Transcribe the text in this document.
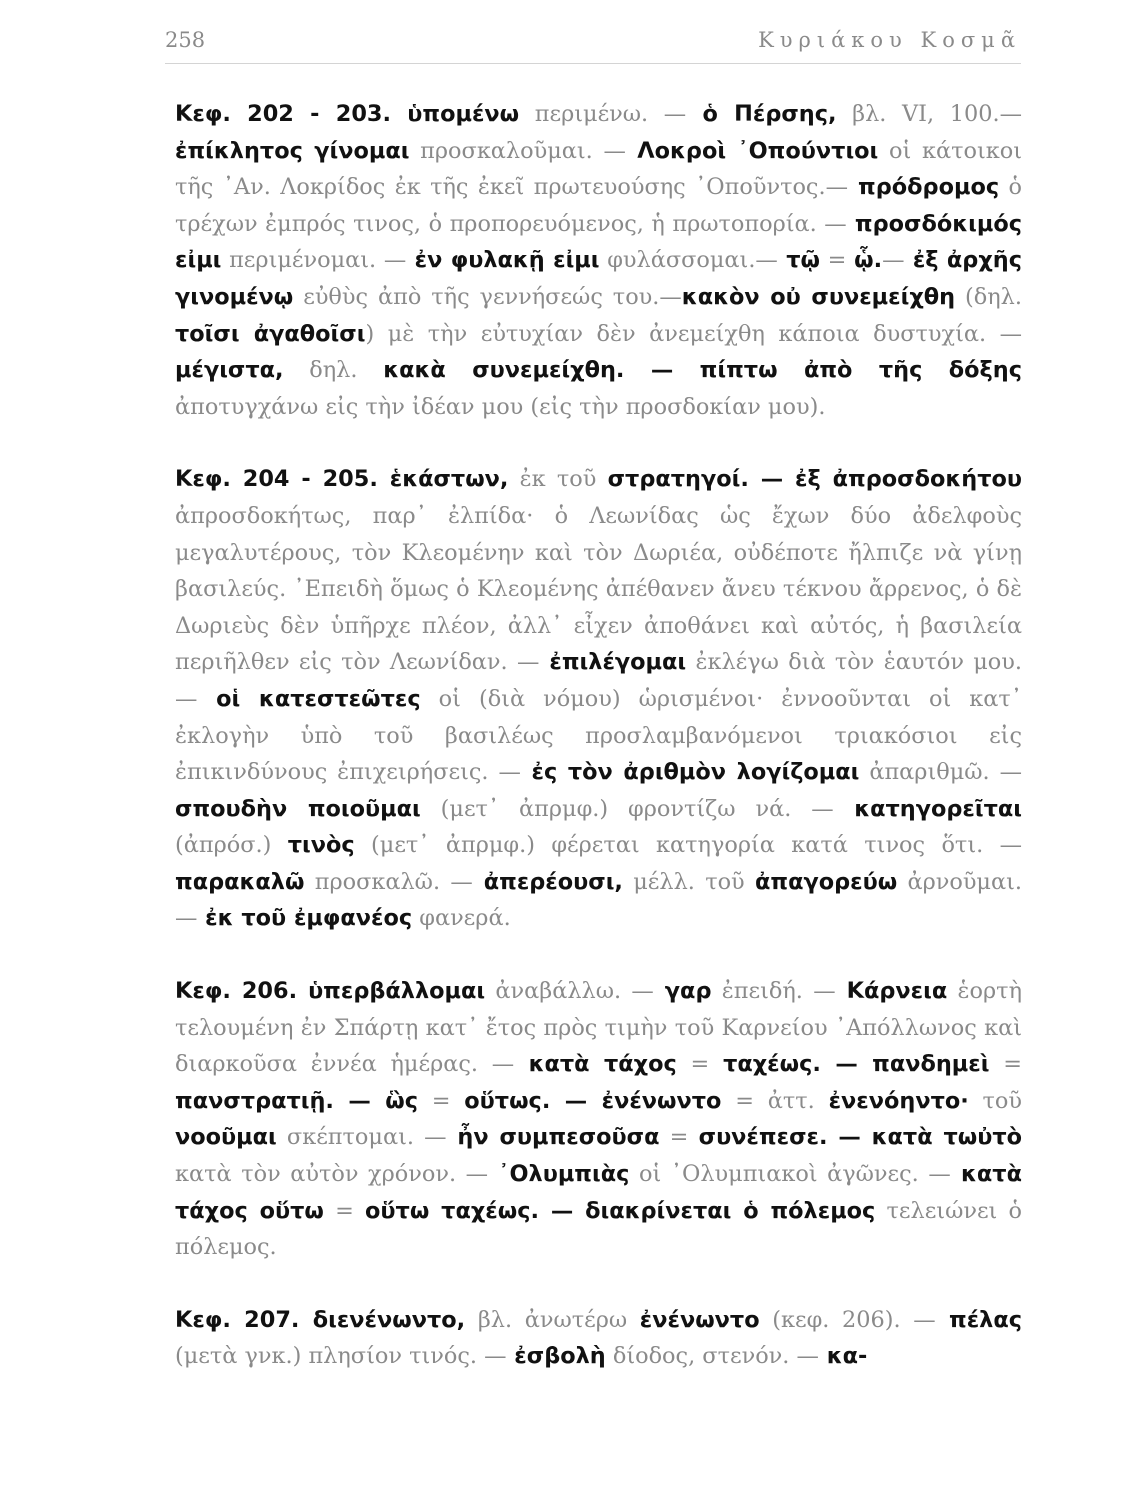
258	Κυριάκου Κοσμᾶ

Κεφ. 202 - 203. ὑπομένω περιμένω. — ὁ Πέρσης, βλ. VI, 100.— ἐπίκλητος γίνομαι προσκαλοῦμαι. — Λοκροὶ ᾿Οπούντιοι οἱ κάτοικοι τῆς ᾿Αν. Λοκρίδος ἐκ τῆς ἐκεῖ πρωτευούσης ᾿Οποῦντος.— πρόδρομος ὁ τρέχων ἐμπρός τινος, ὁ προπορευόμενος, ἡ πρωτοπορία. — προσδόκιμός εἰμι περιμένομαι. — ἐν φυλακῇ εἰμι φυλάσσομαι.— τῷ = ᾧ.— ἐξ ἀρχῆς γινομένῳ εὐθὺς ἀπὸ τῆς γεννήσεώς του.—κακὸν οὐ συνεμείχθη (δηλ. τοῖσι ἀγαθοῖσι) μὲ τὴν εὐτυχίαν δὲν ἀνεμείχθη κάποια δυστυχία. — μέγιστα, δηλ. κακὰ συνεμείχθη. — πίπτω ἀπὸ τῆς δόξης ἀποτυγχάνω εἰς τὴν ἰδέαν μου (εἰς τὴν προσδοκίαν μου).

Κεφ. 204 - 205. ἑκάστων, ἐκ τοῦ στρατηγοί. — ἐξ ἀπροσδοκήτου ἀπροσδοκήτως, παρ᾿ ἐλπίδα· ὁ Λεωνίδας ὡς ἔχων δύο ἀδελφοὺς μεγαλυτέρους, τὸν Κλεομένην καὶ τὸν Δωριέα, οὐδέποτε ἤλπιζε νὰ γίνῃ βασιλεύς. ᾿Επειδὴ ὅμως ὁ Κλεομένης ἀπέθανεν ἄνευ τέκνου ἄρρενος, ὁ δὲ Δωριεὺς δὲν ὑπῆρχε πλέον, ἀλλ᾿ εἶχεν ἀποθάνει καὶ αὐτός, ἡ βασιλεία περιῆλθεν εἰς τὸν Λεωνίδαν. — ἐπιλέγομαι ἐκλέγω διὰ τὸν ἑαυτόν μου. — οἱ κατεστεῶτες οἱ (διὰ νόμου) ὡρισμένοι· ἐννοοῦνται οἱ κατ᾿ ἐκλογὴν ὑπὸ τοῦ βασιλέως προσλαμβανόμενοι τριακόσιοι εἰς ἐπικινδύνους ἐπιχειρήσεις. — ἐς τὸν ἀριθμὸν λογίζομαι ἀπαριθμῶ. — σπουδὴν ποιοῦμαι (μετ᾿ ἀπρμφ.) φροντίζω νά. — κατηγορεῖται (ἀπρόσ.) τινὸς (μετ᾿ ἀπρμφ.) φέρεται κατηγορία κατά τινος ὅτι. — παρακαλῶ προσκαλῶ. — ἀπερέουσι, μέλλ. τοῦ ἀπαγορεύω ἀρνοῦμαι. — ἐκ τοῦ ἐμφανέος φανερά.

Κεφ. 206. ὑπερβάλλομαι ἀναβάλλω. — γαρ ἐπειδή. — Κάρνεια ἑορτὴ τελουμένη ἐν Σπάρτῃ κατ᾿ ἔτος πρὸς τιμὴν τοῦ Καρνείου ᾿Απόλλωνος καὶ διαρκοῦσα ἐννέα ἡμέρας. — κατὰ τάχος = ταχέως. — πανδημεὶ = πανστρατιῇ. — ὣς = οὕτως. — ἐνένωντο = ἀττ. ἐνενόηντο· τοῦ νοοῦμαι σκέπτομαι. — ἦν συμπεσοῦσα = συνέπεσε. — κατὰ τωὐτὸ κατὰ τὸν αὐτὸν χρόνον. — ᾿Ολυμπιὰς οἱ ᾿Ολυμπιακοὶ ἀγῶνες. — κατὰ τάχος οὕτω = οὕτω ταχέως. — διακρίνεται ὁ πόλεμος τελειώνει ὁ πόλεμος.

Κεφ. 207. διενένωντο, βλ. ἀνωτέρω ἐνένωντο (κεφ. 206). — πέλας (μετὰ γνκ.) πλησίον τινός. — ἐσβολὴ δίοδος, στενόν. — κα-
